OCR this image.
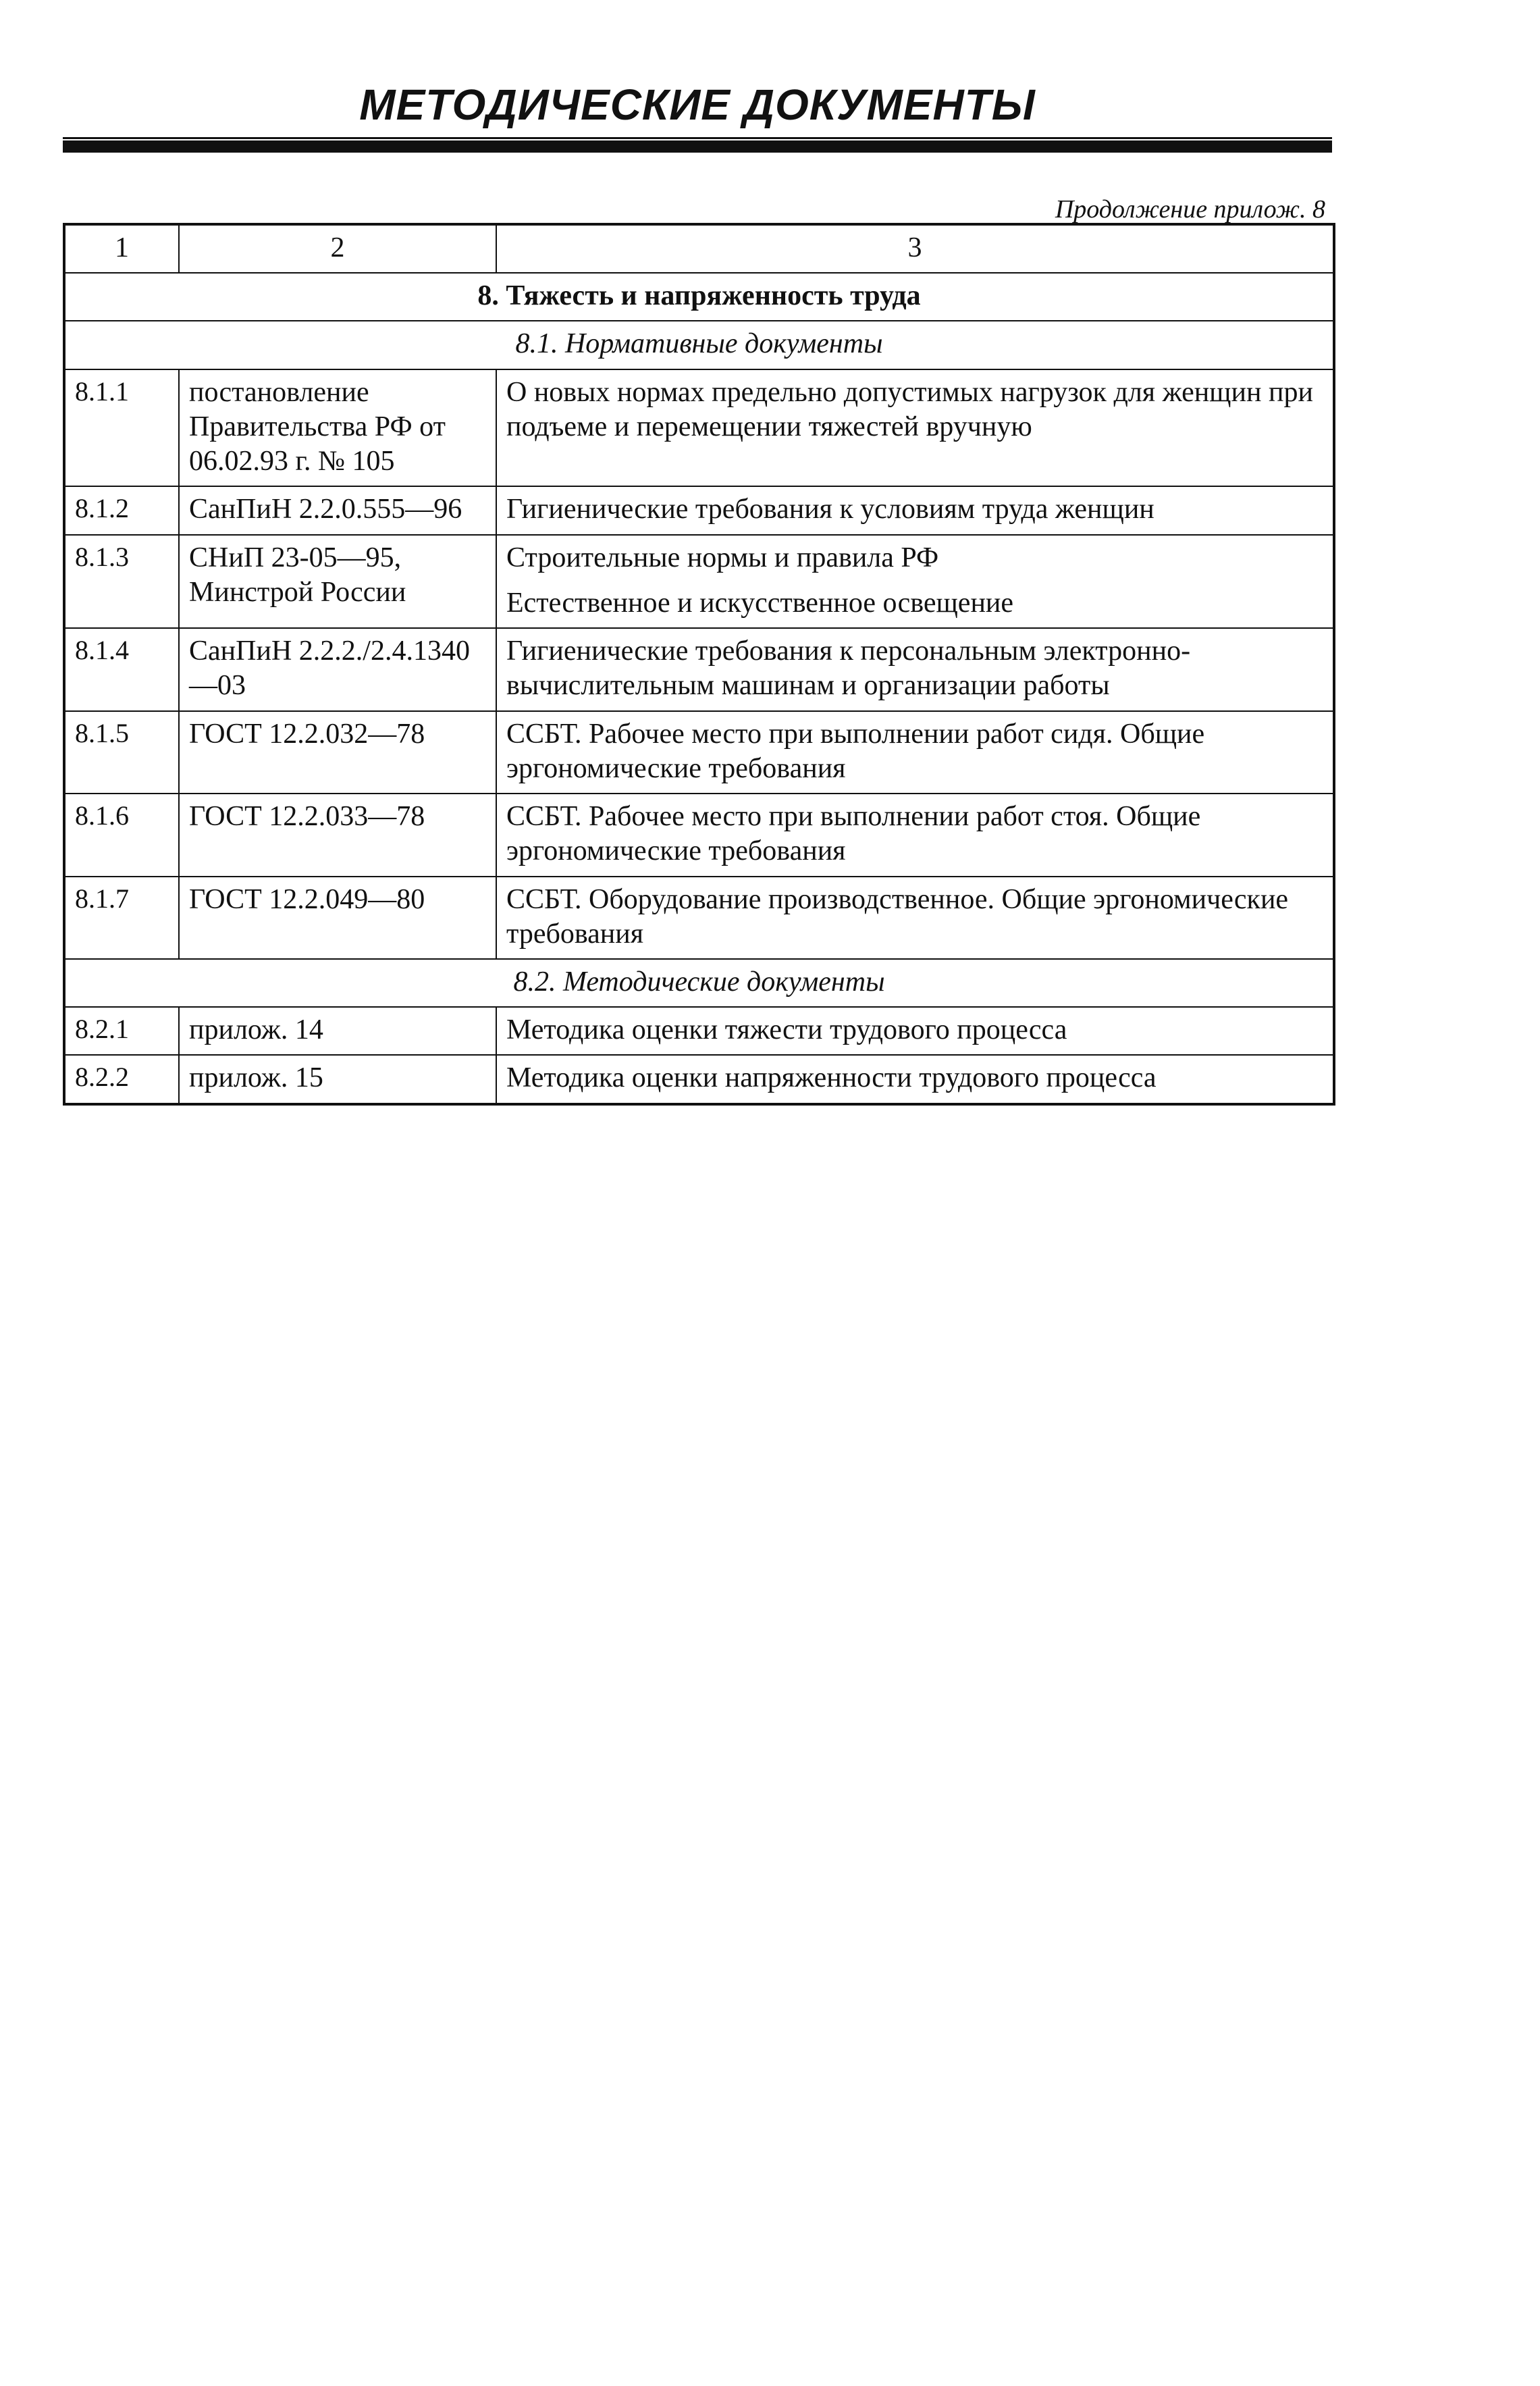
МЕТОДИЧЕСКИЕ ДОКУМЕНТЫ
Продолжение прилож. 8
1	2	3
8. Тяжесть и напряженность труда		
8.1. Нормативные документы		
8.1.1	постановление Правительства РФ от 06.02.93 г. № 105	О новых нормах предельно допустимых нагрузок для женщин при подъеме и перемещении тяжестей вручную
8.1.2	СанПиН 2.2.0.555—96	Гигиенические требования к условиям труда женщин
8.1.3	СНиП 23-05—95, Минстрой России	Строительные нормы и правила РФ
Естественное и искусственное освещение

8.1.4	СанПиН 2.2.2./2.4.1340—03	Гигиенические требования к персональным электронно-вычислительным машинам и организации работы
8.1.5	ГОСТ 12.2.032—78	ССБТ. Рабочее место при выполнении работ сидя. Общие эргономические требования
8.1.6	ГОСТ 12.2.033—78	ССБТ. Рабочее место при выполнении работ стоя. Общие эргономические требования
8.1.7	ГОСТ 12.2.049—80	ССБТ. Оборудование производственное. Общие эргономические требования
8.2. Методические документы		
8.2.1	прилож. 14	Методика оценки тяжести трудового процесса
8.2.2	прилож. 15	Методика оценки напряженности трудового процесса
